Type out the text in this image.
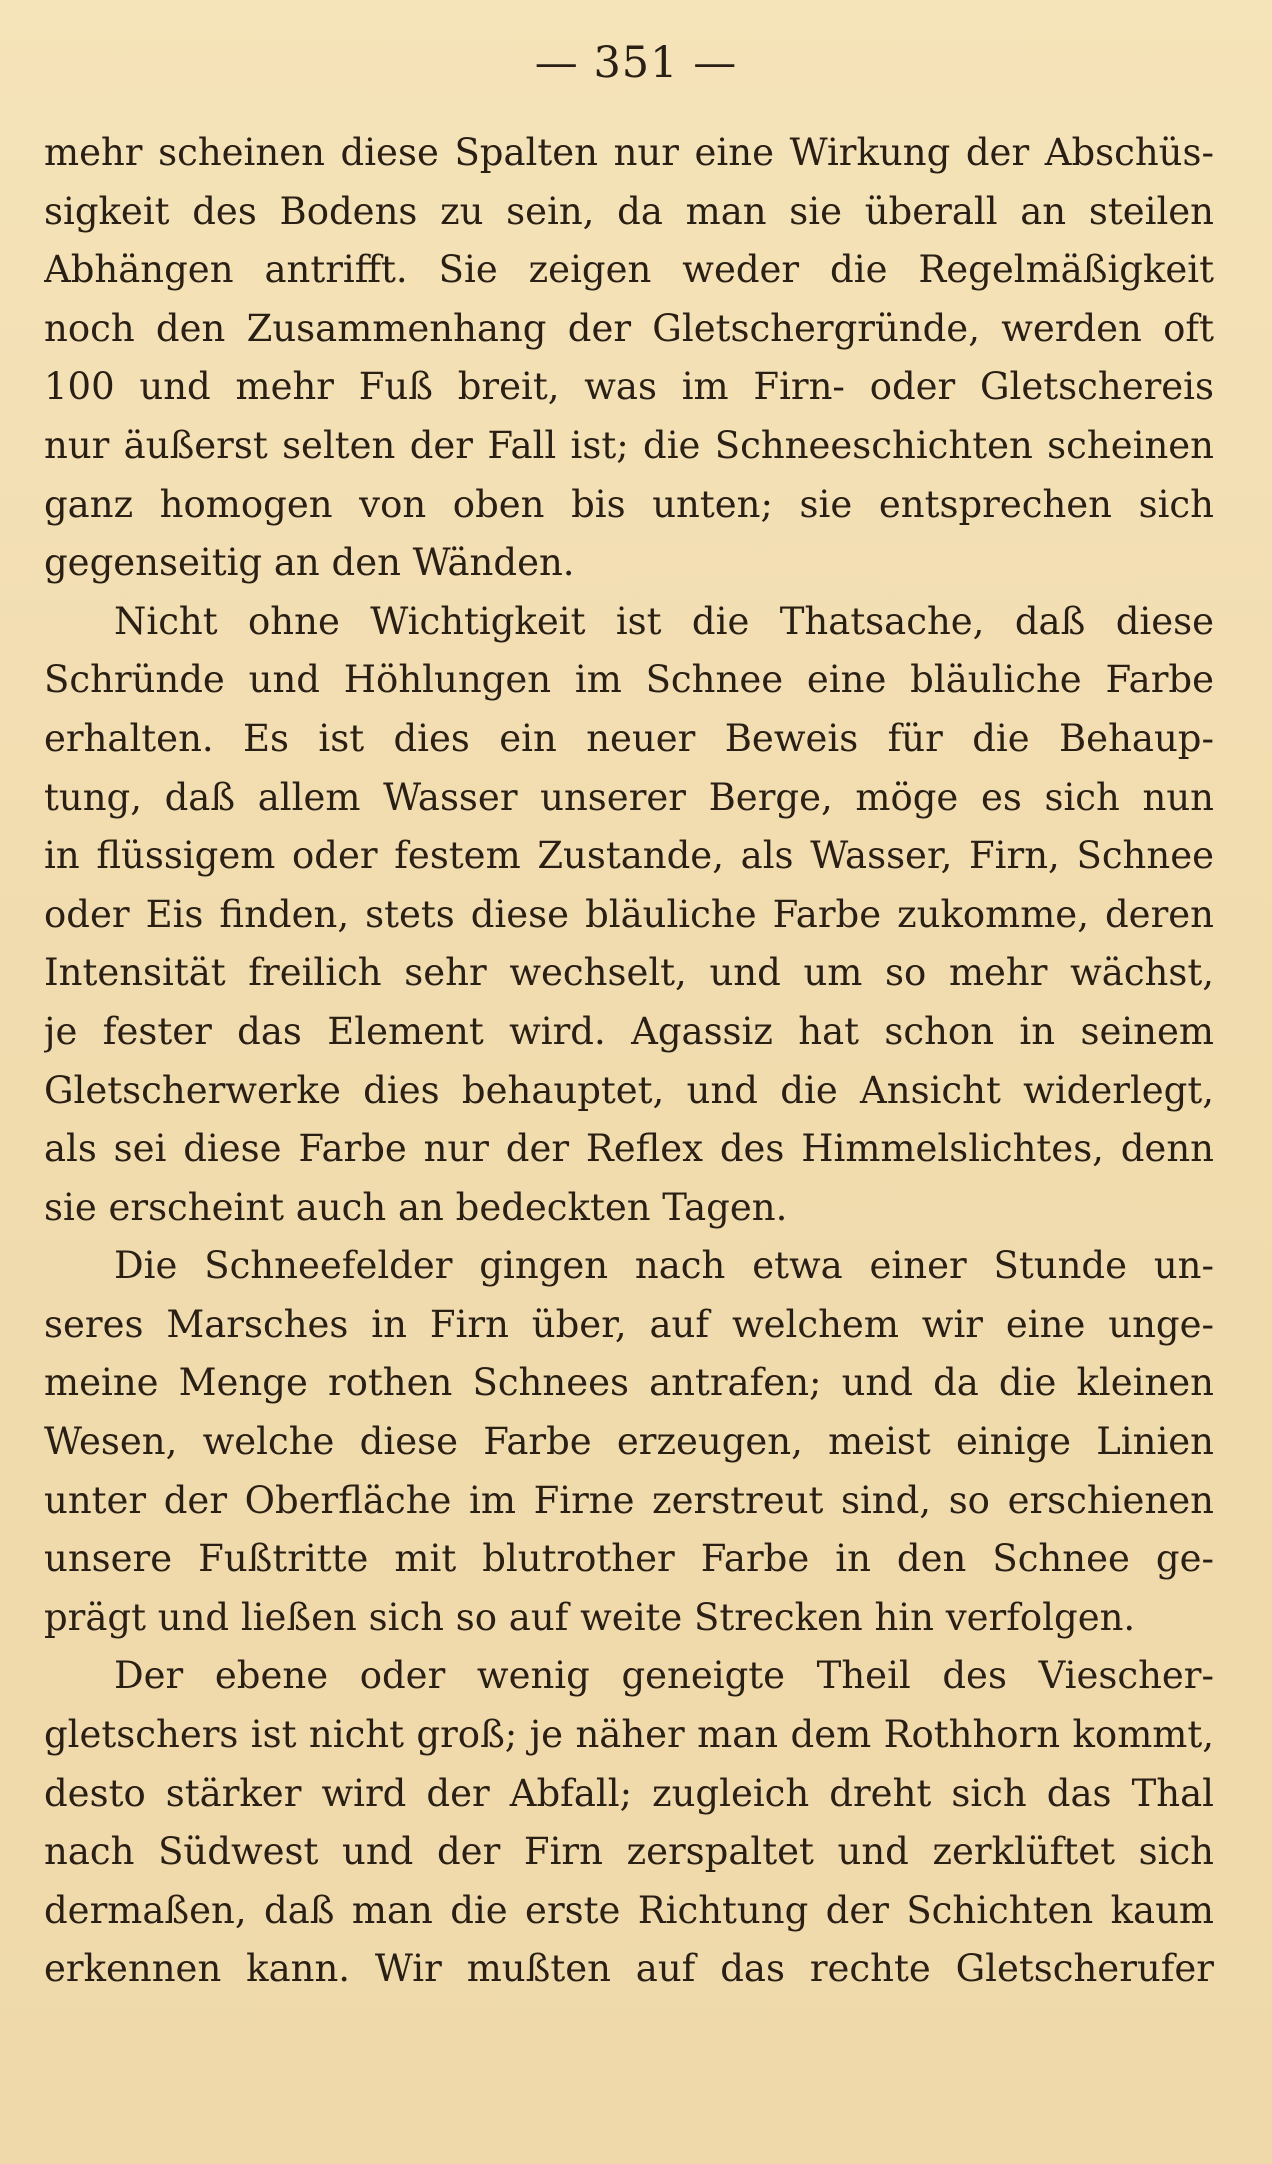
— 351 —
mehr scheinen diese Spalten nur eine Wirkung der Abschüs-
sigkeit des Bodens zu sein, da man sie überall an steilen
Abhängen antrifft. Sie zeigen weder die Regelmäßigkeit
noch den Zusammenhang der Gletschergründe, werden oft
100 und mehr Fuß breit, was im Firn- oder Gletschereis
nur äußerst selten der Fall ist; die Schneeschichten scheinen
ganz homogen von oben bis unten; sie entsprechen sich
gegenseitig an den Wänden.
Nicht ohne Wichtigkeit ist die Thatsache, daß diese
Schründe und Höhlungen im Schnee eine bläuliche Farbe
erhalten. Es ist dies ein neuer Beweis für die Behaup-
tung, daß allem Wasser unserer Berge, möge es sich nun
in flüssigem oder festem Zustande, als Wasser, Firn, Schnee
oder Eis finden, stets diese bläuliche Farbe zukomme, deren
Intensität freilich sehr wechselt, und um so mehr wächst,
je fester das Element wird. Agassiz hat schon in seinem
Gletscherwerke dies behauptet, und die Ansicht widerlegt,
als sei diese Farbe nur der Reflex des Himmelslichtes, denn
sie erscheint auch an bedeckten Tagen.
Die Schneefelder gingen nach etwa einer Stunde un-
seres Marsches in Firn über, auf welchem wir eine unge-
meine Menge rothen Schnees antrafen; und da die kleinen
Wesen, welche diese Farbe erzeugen, meist einige Linien
unter der Oberfläche im Firne zerstreut sind, so erschienen
unsere Fußtritte mit blutrother Farbe in den Schnee ge-
prägt und ließen sich so auf weite Strecken hin verfolgen.
Der ebene oder wenig geneigte Theil des Viescher-
gletschers ist nicht groß; je näher man dem Rothhorn kommt,
desto stärker wird der Abfall; zugleich dreht sich das Thal
nach Südwest und der Firn zerspaltet und zerklüftet sich
dermaßen, daß man die erste Richtung der Schichten kaum
erkennen kann. Wir mußten auf das rechte Gletscherufer
